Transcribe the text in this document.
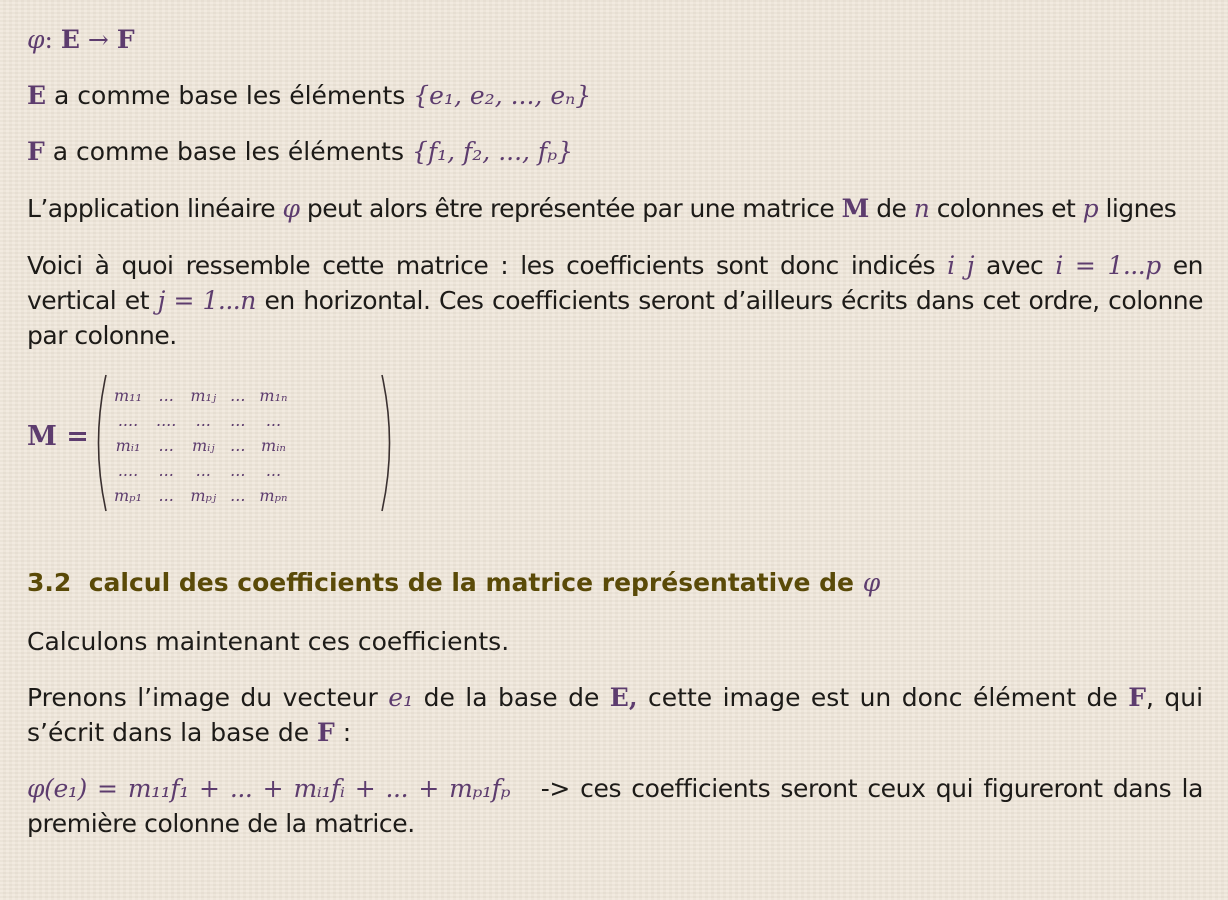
φ: E → F

E a comme base les éléments {e₁, e₂, ..., eₙ}

F a comme base les éléments {f₁, f₂, ..., fₚ}

L’application linéaire φ peut alors être représentée par une matrice M de n colonnes et p lignes

Voici à quoi ressemble cette matrice : les coefficients sont donc indicés i j avec i = 1...p en vertical et j = 1...n en horizontal. Ces coefficients seront d’ailleurs écrits dans cet ordre, colonne par colonne.

M =
m₁₁	...	m₁ⱼ	...	m₁ₙ
....	....	...	...	...
mᵢ₁	...	mᵢⱼ	...	mᵢₙ
....	...	...	...	...
mₚ₁	...	mₚⱼ	...	mₚₙ

3.2 calcul des coefficients de la matrice représentative de φ

Calculons maintenant ces coefficients.

Prenons l’image du vecteur e₁ de la base de E, cette image est un donc élément de F, qui s’écrit dans la base de F :

φ(e₁) = m₁₁f₁ + ... + mᵢ₁fᵢ + ... + mₚ₁fₚ -> ces coefficients seront ceux qui figureront dans la première colonne de la matrice.
